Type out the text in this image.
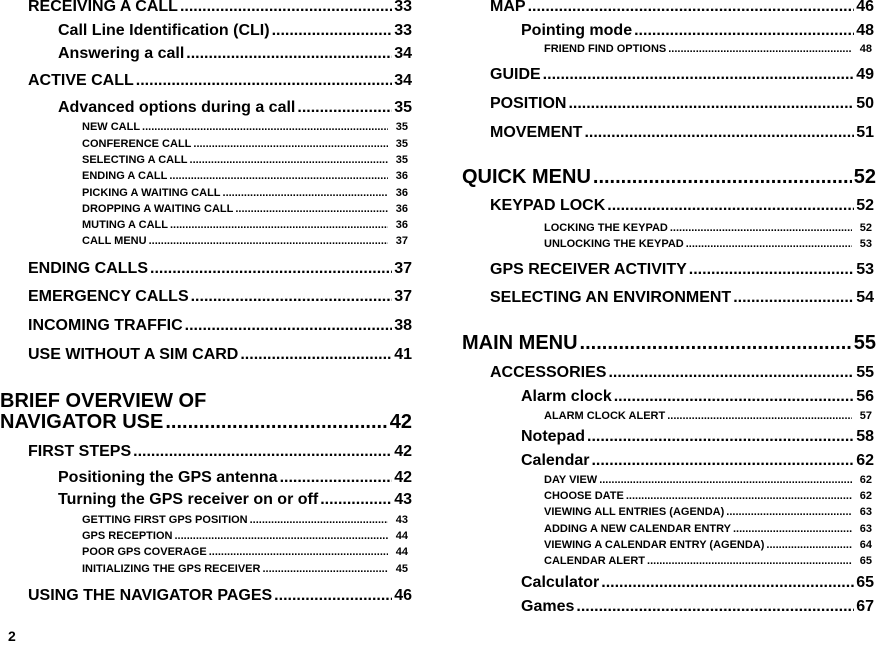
RECEIVING A CALL .....	33
Call Line Identification (CLI) .....	33
Answering a call .....	34
ACTIVE CALL .....	34
Advanced options during a call .....	35
NEW CALL .....	35
CONFERENCE CALL .....	35
SELECTING A CALL .....	35
ENDING A CALL .....	36
PICKING A WAITING CALL .....	36
DROPPING A WAITING CALL .....	36
MUTING A CALL .....	36
CALL MENU .....	37
ENDING CALLS .....	37
EMERGENCY CALLS .....	37
INCOMING TRAFFIC .....	38
USE WITHOUT A SIM CARD .....	41
BRIEF OVERVIEW OF
NAVIGATOR USE .....	42
FIRST STEPS .....	42
Positioning the GPS antenna .....	42
Turning the GPS receiver on or off .....	43
GETTING FIRST GPS POSITION .....	43
GPS RECEPTION .....	44
POOR GPS COVERAGE .....	44
INITIALIZING THE GPS RECEIVER .....	45
USING THE NAVIGATOR PAGES .....	46
MAP .....	46
Pointing mode .....	48
FRIEND FIND OPTIONS .....	48
GUIDE .....	49
POSITION .....	50
MOVEMENT .....	51
QUICK MENU .....	52
KEYPAD LOCK .....	52
LOCKING THE KEYPAD .....	52
UNLOCKING THE KEYPAD .....	53
GPS RECEIVER ACTIVITY .....	53
SELECTING AN ENVIRONMENT .....	54
MAIN MENU .....	55
ACCESSORIES .....	55
Alarm clock .....	56
ALARM CLOCK ALERT .....	57
Notepad .....	58
Calendar .....	62
DAY VIEW .....	62
CHOOSE DATE .....	62
VIEWING ALL ENTRIES (AGENDA) .....	63
ADDING A NEW CALENDAR ENTRY .....	63
VIEWING A CALENDAR ENTRY (AGENDA) .....	64
CALENDAR ALERT .....	65
Calculator .....	65
Games .....	67
2
